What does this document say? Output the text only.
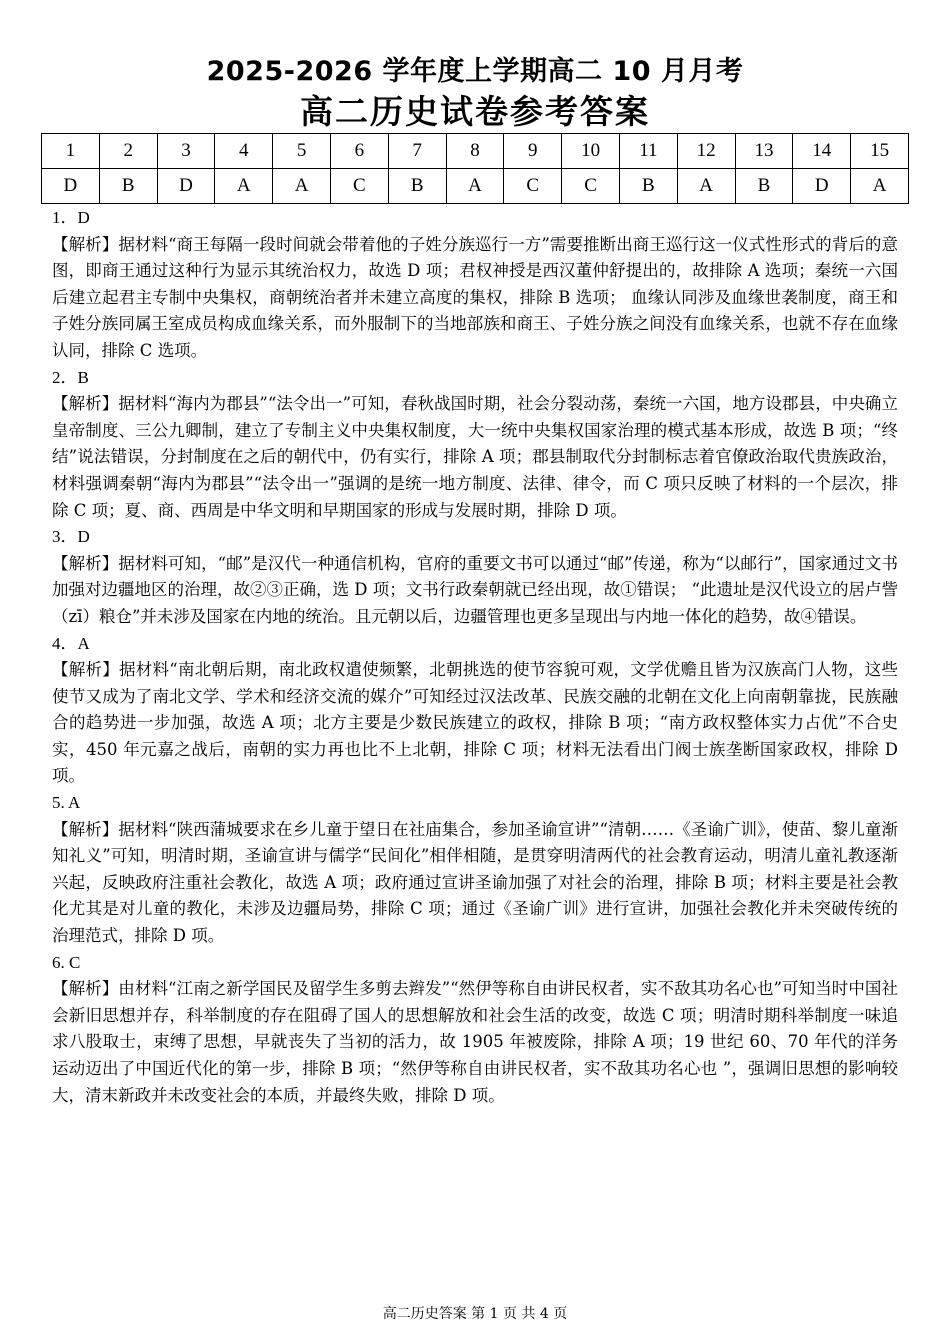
2025-2026 学年度上学期高二 10 月月考
高二历史试卷参考答案
1	2	3	4	5	6	7	8	9	10	11	12	13	14	15
D	B	D	A	A	C	B	A	C	C	B	A	B	D	A

1．D

【解析】据材料“商王每隔一段时间就会带着他的子姓分族巡行一方”需要推断出商王巡行这一仪式性形式的背后的意图，即商王通过这种行为显示其统治权力，故选 D 项；君权神授是西汉董仲舒提出的，故排除 A 选项；秦统一六国后建立起君主专制中央集权，商朝统治者并未建立高度的集权，排除 B 选项； 血缘认同涉及血缘世袭制度，商王和子姓分族同属王室成员构成血缘关系，而外服制下的当地部族和商王、子姓分族之间没有血缘关系，也就不存在血缘认同，排除 C 选项。

2．B

【解析】据材料“海内为郡县”“法令出一”可知，春秋战国时期，社会分裂动荡，秦统一六国，地方设郡县，中央确立皇帝制度、三公九卿制，建立了专制主义中央集权制度，大一统中央集权国家治理的模式基本形成，故选 B 项；“终结”说法错误，分封制度在之后的朝代中，仍有实行，排除 A 项；郡县制取代分封制标志着官僚政治取代贵族政治，材料强调秦朝“海内为郡县”“法令出一”强调的是统一地方制度、法律、律令，而 C 项只反映了材料的一个层次，排除 C 项；夏、商、西周是中华文明和早期国家的形成与发展时期，排除 D 项。

3．D

【解析】据材料可知，“邮”是汉代一种通信机构，官府的重要文书可以通过“邮”传递，称为“以邮行”，国家通过文书加强对边疆地区的治理，故②③正确，选 D 项；文书行政秦朝就已经出现，故①错误； “此遗址是汉代设立的居卢訾（zī）粮仓”并未涉及国家在内地的统治。且元朝以后，边疆管理也更多呈现出与内地一体化的趋势，故④错误。

4．A

【解析】据材料“南北朝后期，南北政权遣使频繁，北朝挑选的使节容貌可观，文学优赡且皆为汉族高门人物，这些使节又成为了南北文学、学术和经济交流的媒介”可知经过汉法改革、民族交融的北朝在文化上向南朝靠拢，民族融合的趋势进一步加强，故选 A 项；北方主要是少数民族建立的政权，排除 B 项；“南方政权整体实力占优”不合史实，450 年元嘉之战后，南朝的实力再也比不上北朝，排除 C 项；材料无法看出门阀士族垄断国家政权，排除 D 项。

5. A

【解析】据材料“陕西蒲城要求在乡儿童于望日在社庙集合，参加圣谕宣讲”“清朝……《圣谕广训》，使苗、黎儿童渐知礼义”可知，明清时期，圣谕宣讲与儒学“民间化”相伴相随，是贯穿明清两代的社会教育运动，明清儿童礼教逐渐兴起，反映政府注重社会教化，故选 A 项；政府通过宣讲圣谕加强了对社会的治理，排除 B 项；材料主要是社会教化尤其是对儿童的教化，未涉及边疆局势，排除 C 项；通过《圣谕广训》进行宣讲，加强社会教化并未突破传统的治理范式，排除 D 项。

6. C

【解析】由材料“江南之新学国民及留学生多剪去辫发”“然伊等称自由讲民权者，实不敌其功名心也”可知当时中国社会新旧思想并存，科举制度的存在阻碍了国人的思想解放和社会生活的改变，故选 C 项；明清时期科举制度一味追求八股取士，束缚了思想，早就丧失了当初的活力，故 1905 年被废除，排除 A 项；19 世纪 60、70 年代的洋务运动迈出了中国近代化的第一步，排除 B 项；“然伊等称自由讲民权者，实不敌其功名心也 ”，强调旧思想的影响较大，清末新政并未改变社会的本质，并最终失败，排除 D 项。

高二历史答案 第 1 页 共 4 页
